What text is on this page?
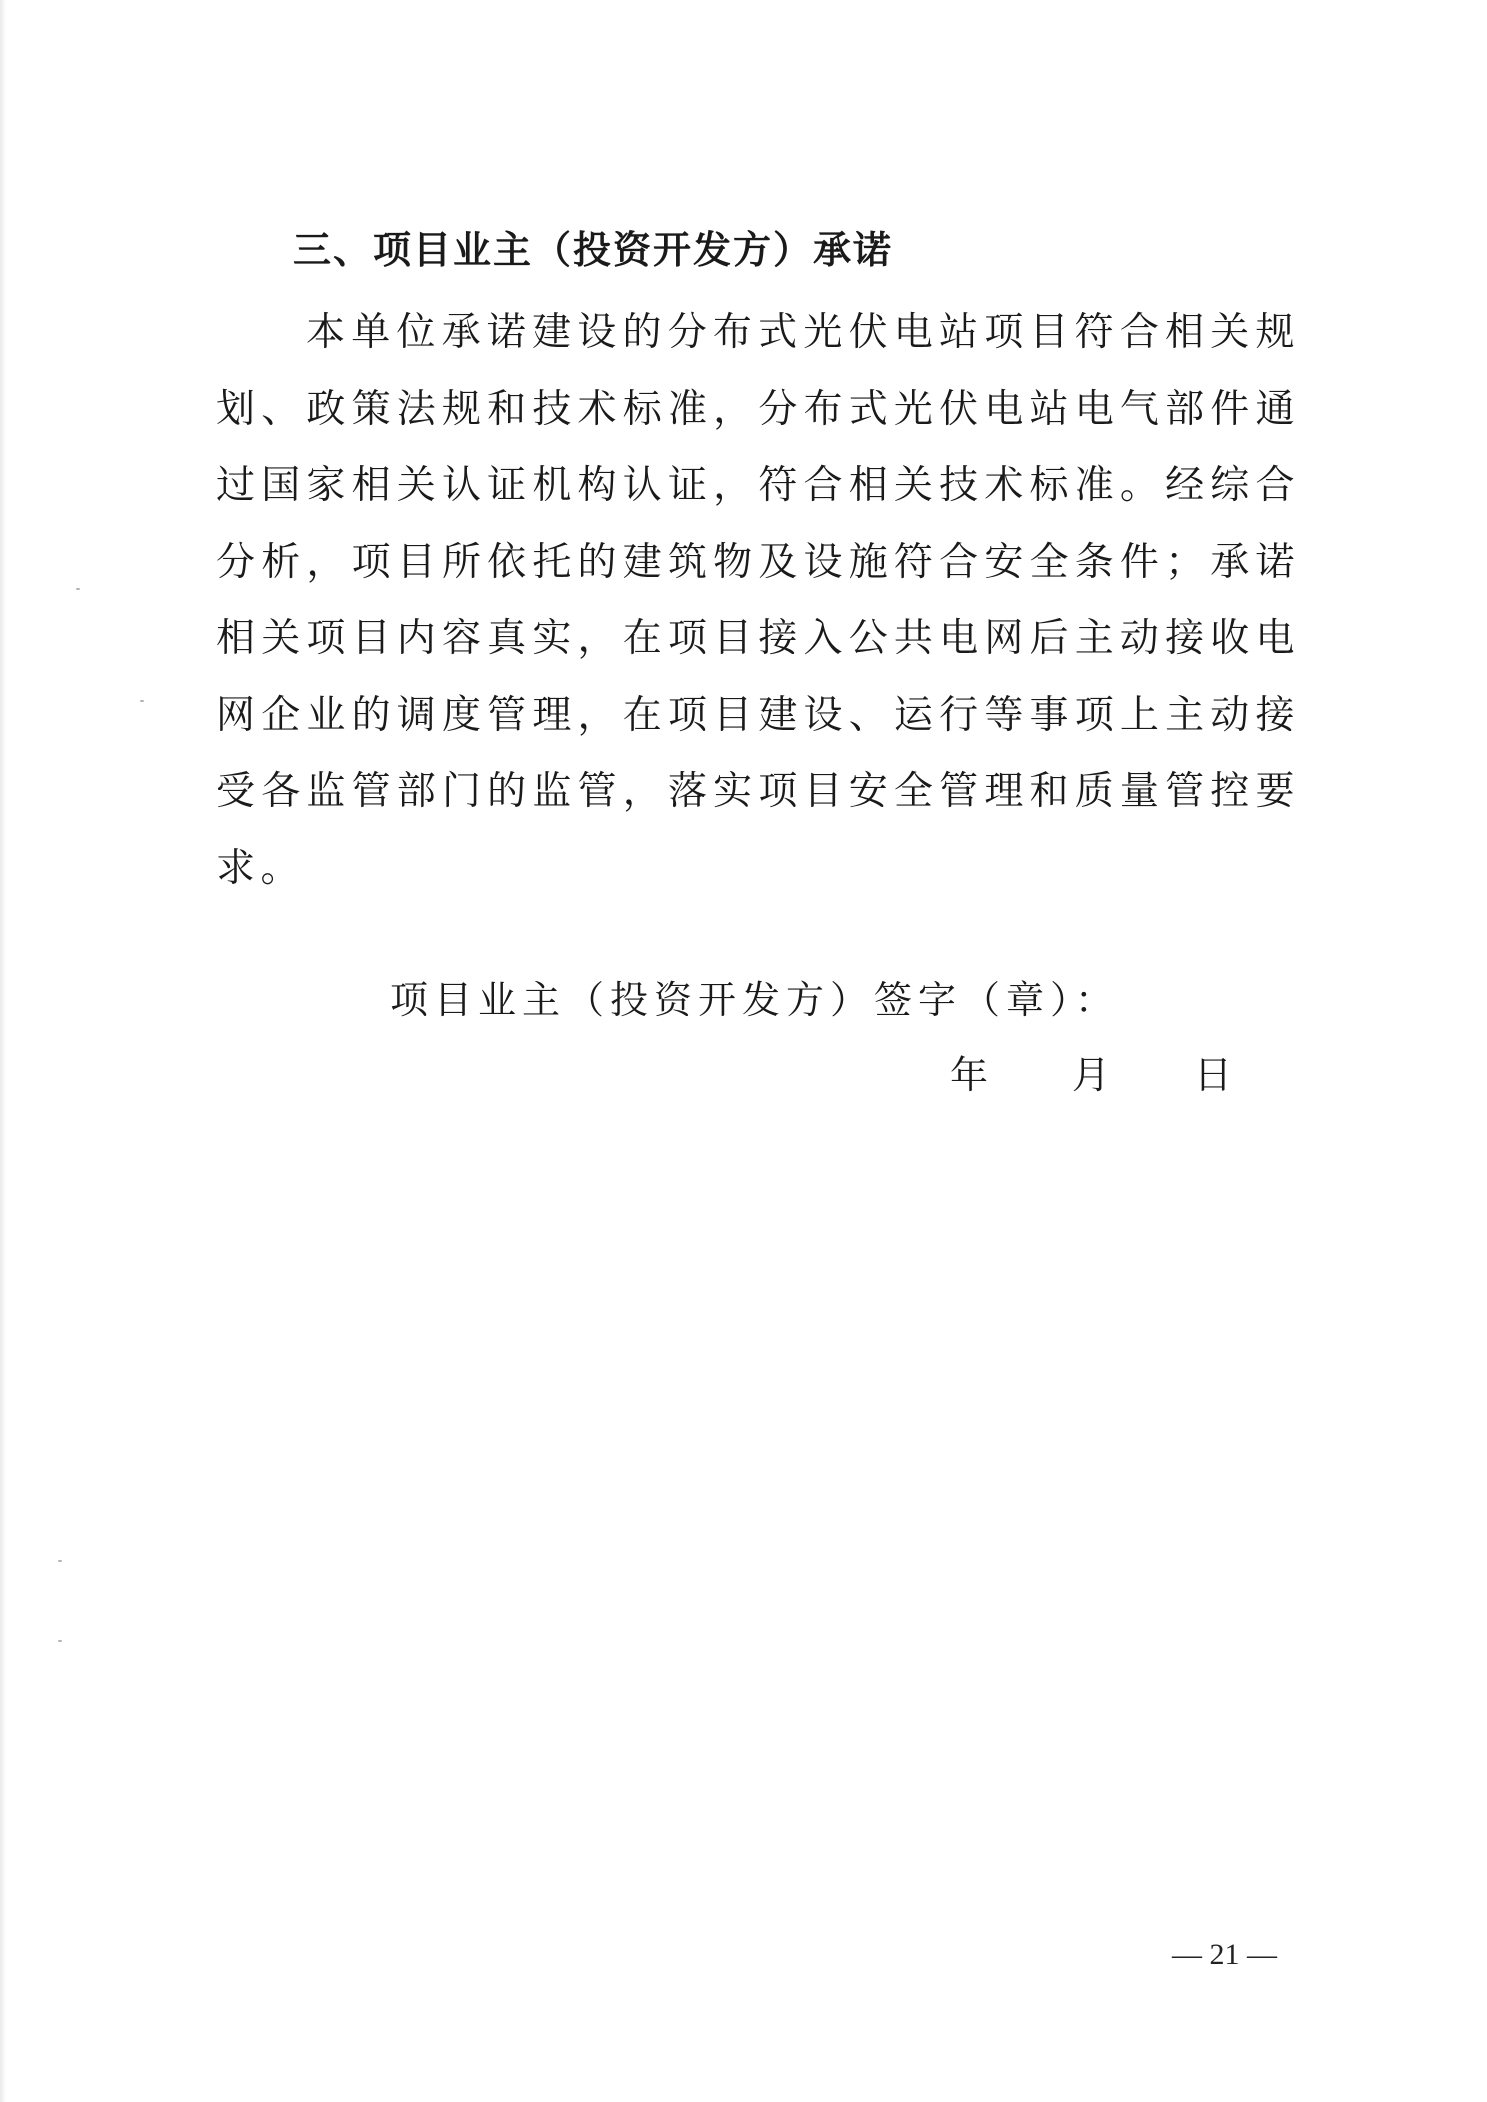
三、项目业主（投资开发方）承诺

本单位承诺建设的分布式光伏电站项目符合相关规划、政策法规和技术标准，分布式光伏电站电气部件通过国家相关认证机构认证，符合相关技术标准。经综合分析，项目所依托的建筑物及设施符合安全条件；承诺相关项目内容真实，在项目接入公共电网后主动接收电网企业的调度管理，在项目建设、运行等事项上主动接受各监管部门的监管，落实项目安全管理和质量管控要求。

项目业主（投资开发方）签字（章）：
年 月 日
— 21 —
